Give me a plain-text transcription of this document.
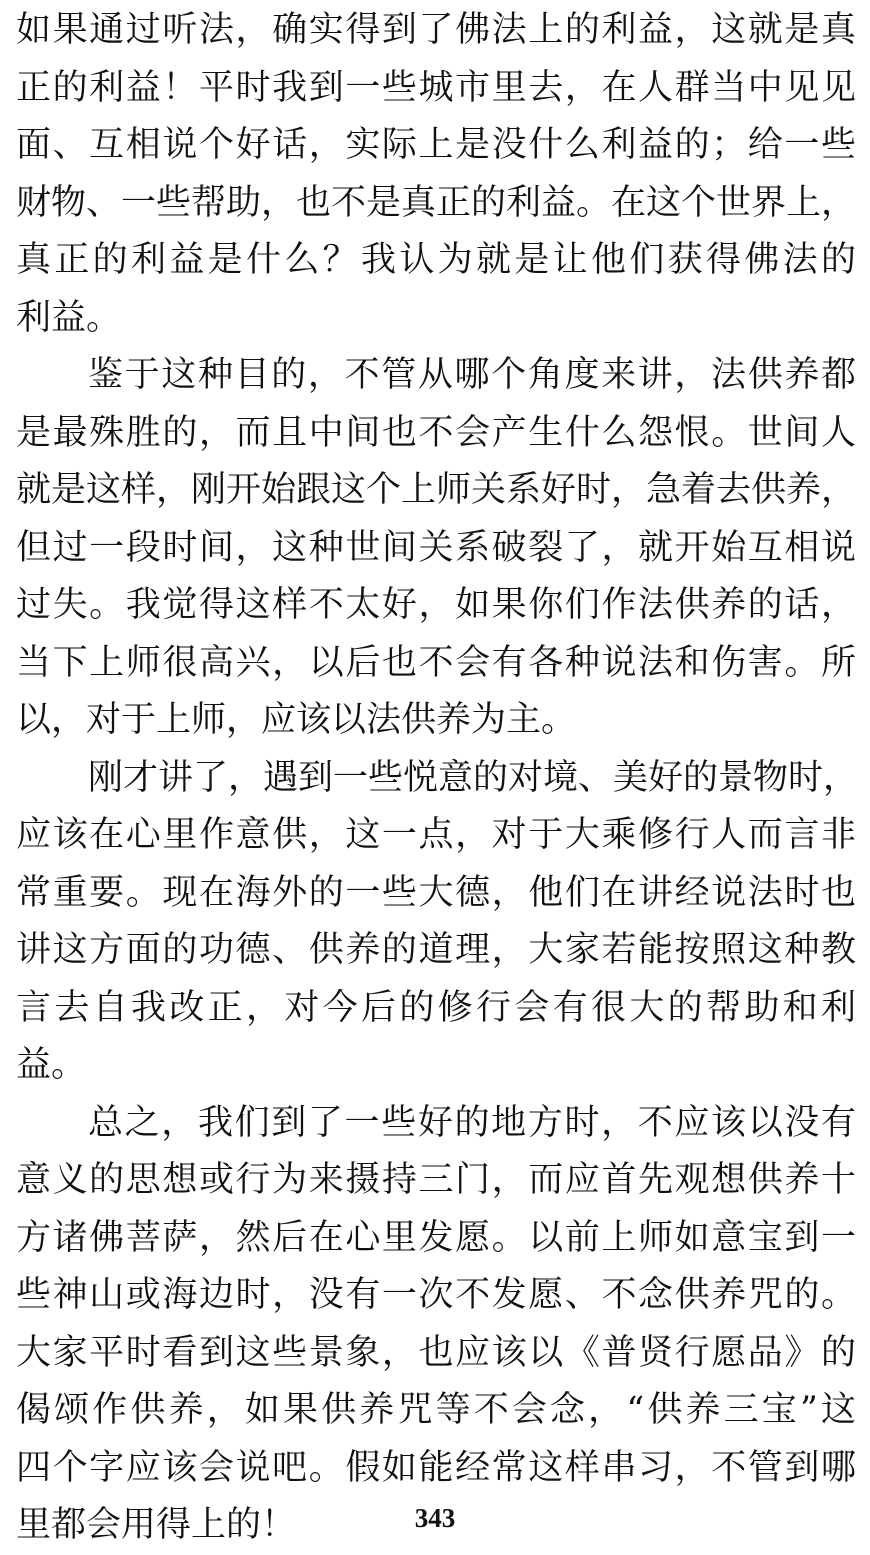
如果通过听法，确实得到了佛法上的利益，这就是真
正的利益！平时我到一些城市里去，在人群当中见见
面、互相说个好话，实际上是没什么利益的；给一些
财物、一些帮助，也不是真正的利益。在这个世界上，
真正的利益是什么？我认为就是让他们获得佛法的
利益。
鉴于这种目的，不管从哪个角度来讲，法供养都
是最殊胜的，而且中间也不会产生什么怨恨。世间人
就是这样，刚开始跟这个上师关系好时，急着去供养，
但过一段时间，这种世间关系破裂了，就开始互相说
过失。我觉得这样不太好，如果你们作法供养的话，
当下上师很高兴，以后也不会有各种说法和伤害。所
以，对于上师，应该以法供养为主。
刚才讲了，遇到一些悦意的对境、美好的景物时，
应该在心里作意供，这一点，对于大乘修行人而言非
常重要。现在海外的一些大德，他们在讲经说法时也
讲这方面的功德、供养的道理，大家若能按照这种教
言去自我改正，对今后的修行会有很大的帮助和利
益。
总之，我们到了一些好的地方时，不应该以没有
意义的思想或行为来摄持三门，而应首先观想供养十
方诸佛菩萨，然后在心里发愿。以前上师如意宝到一
些神山或海边时，没有一次不发愿、不念供养咒的。
大家平时看到这些景象，也应该以《普贤行愿品》的
偈颂作供养，如果供养咒等不会念，“供养三宝”这
四个字应该会说吧。假如能经常这样串习，不管到哪
里都会用得上的！	343
